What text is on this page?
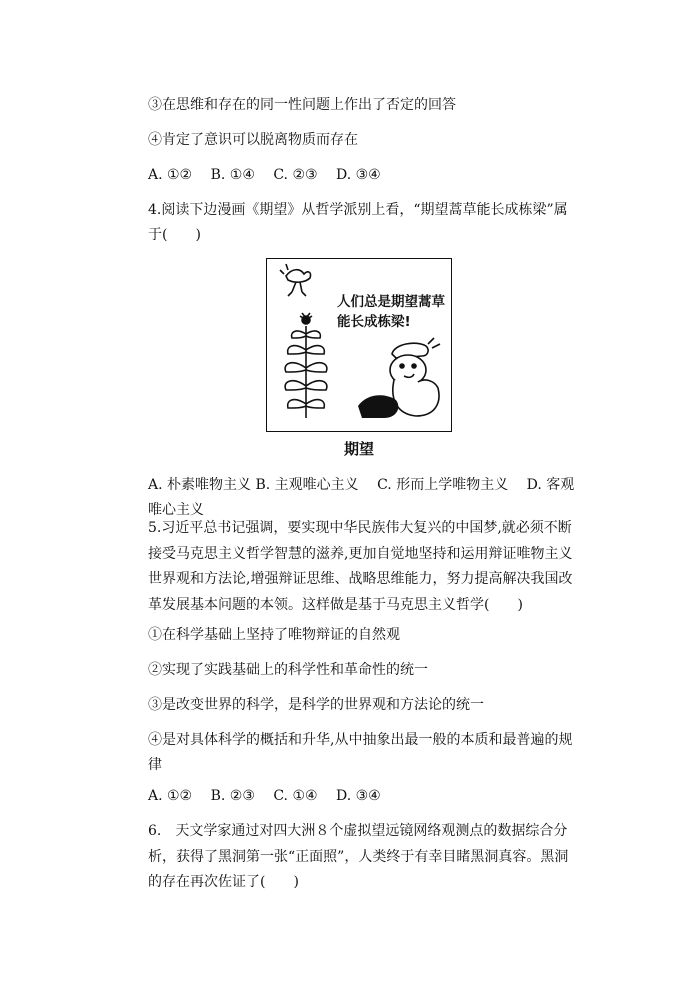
③在思维和存在的同一性问题上作出了否定的回答
④肯定了意识可以脱离物质而存在
A. ①② B. ①④ C. ②③ D. ③④
4.阅读下边漫画《期望》从哲学派别上看，“期望蒿草能长成栋梁”属于(　　)
人们总是期望蒿草能长成栋梁!
期望
A. 朴素唯物主义 B. 主观唯心主义　 C. 形而上学唯物主义　 D. 客观唯心主义
5.习近平总书记强调，要实现中华民族伟大复兴的中国梦,就必须不断接受马克思主义哲学智慧的滋养,更加自觉地坚持和运用辩证唯物主义世界观和方法论,增强辩证思维、战略思维能力，努力提高解决我国改革发展基本问题的本领。这样做是基于马克思主义哲学(　　)
①在科学基础上坚持了唯物辩证的自然观
②实现了实践基础上的科学性和革命性的统一
③是改变世界的科学，是科学的世界观和方法论的统一
④是对具体科学的概括和升华,从中抽象出最一般的本质和最普遍的规律
A. ①② B. ②③ C. ①④ D. ③④
6.　天文学家通过对四大洲８个虚拟望远镜网络观测点的数据综合分析，获得了黑洞第一张“正面照”，人类终于有幸目睹黑洞真容。黑洞的存在再次佐证了(　　)
